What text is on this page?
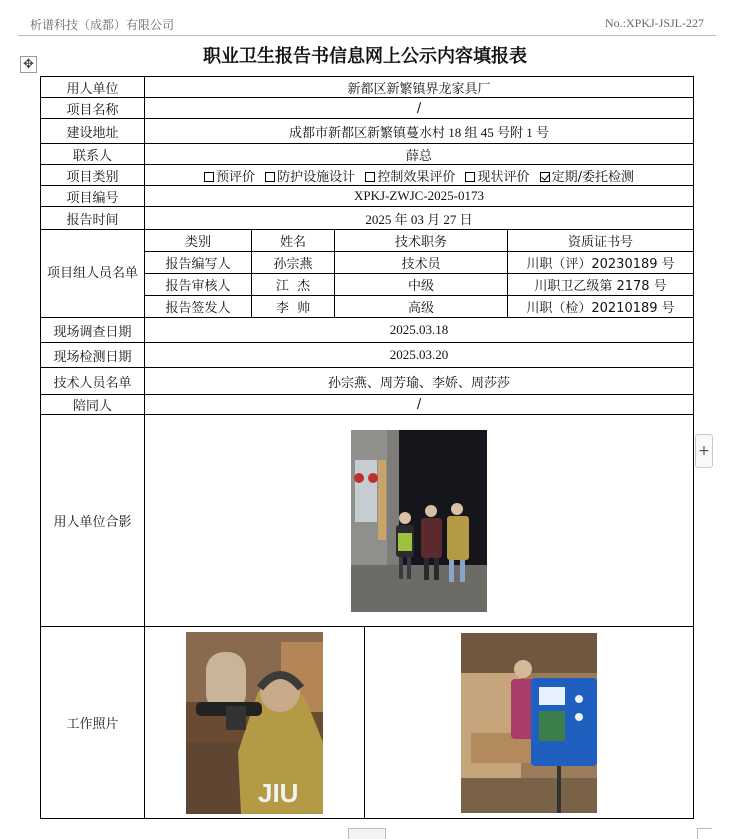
析谱科技（成都）有限公司	No.:XPKJ-JSJL-227
职业卫生报告书信息网上公示内容填报表
✥
+
用人单位	新都区新繁镇界龙家具厂				
项目名称	/				
建设地址	成都市新都区新繁镇蔓水村 18 组 45 号附 1 号				
联系人	薛总				
项目类别	预评价 防护设施设计 控制效果评价 现状评价 定期/委托检测				
项目编号	XPKJ-ZWJC-2025-0173				
报告时间	2025 年 03 月 27 日				
项目组人员名单	类别	姓名	技术职务		资质证书号
	报告编写人	孙宗燕	技术员		川职（评）20230189 号
	报告审核人	江  杰	中级		川职卫乙级第 2178 号
	报告签发人	李  帅	高级		川职（检）20210189 号
现场调查日期	2025.03.18				
现场检测日期	2025.03.20				
技术人员名单	孙宗燕、周芳瑜、李娇、周莎莎				
陪同人	/				
用人单位合影	
工作照片	JIU
